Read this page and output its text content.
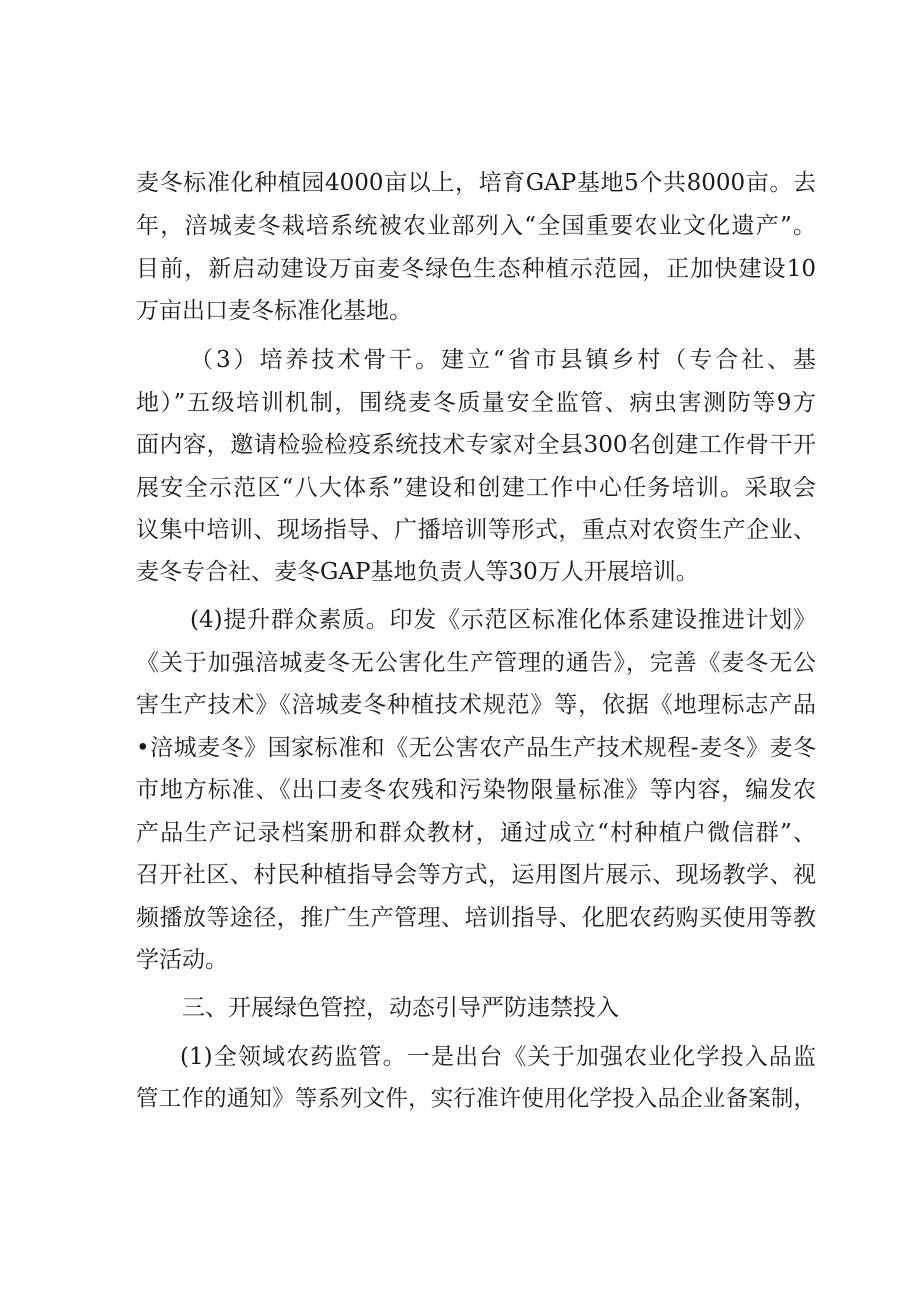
麦冬标准化种植园4000亩以上，培育GAP基地5个共8000亩。去
年，涪城麦冬栽培系统被农业部列入“全国重要农业文化遗产”。
目前，新启动建设万亩麦冬绿色生态种植示范园，正加快建设10
万亩出口麦冬标准化基地。
（3）培养技术骨干。建立“省市县镇乡村（专合社、基
地）”五级培训机制，围绕麦冬质量安全监管、病虫害测防等9方
面内容，邀请检验检疫系统技术专家对全县300名创建工作骨干开
展安全示范区“八大体系”建设和创建工作中心任务培训。采取会
议集中培训、现场指导、广播培训等形式，重点对农资生产企业、
麦冬专合社、麦冬GAP基地负责人等30万人开展培训。
(4)提升群众素质。印发《示范区标准化体系建设推进计划》
《关于加强涪城麦冬无公害化生产管理的通告》，完善《麦冬无公
害生产技术》《涪城麦冬种植技术规范》等，依据《地理标志产品
•涪城麦冬》国家标准和《无公害农产品生产技术规程-麦冬》麦冬
市地方标准、《出口麦冬农残和污染物限量标准》等内容，编发农
产品生产记录档案册和群众教材，通过成立“村种植户微信群”、
召开社区、村民种植指导会等方式，运用图片展示、现场教学、视
频播放等途径，推广生产管理、培训指导、化肥农药购买使用等教
学活动。
三、开展绿色管控，动态引导严防违禁投入
(1)全领域农药监管。一是出台《关于加强农业化学投入品监
管工作的通知》等系列文件，实行准许使用化学投入品企业备案制，
